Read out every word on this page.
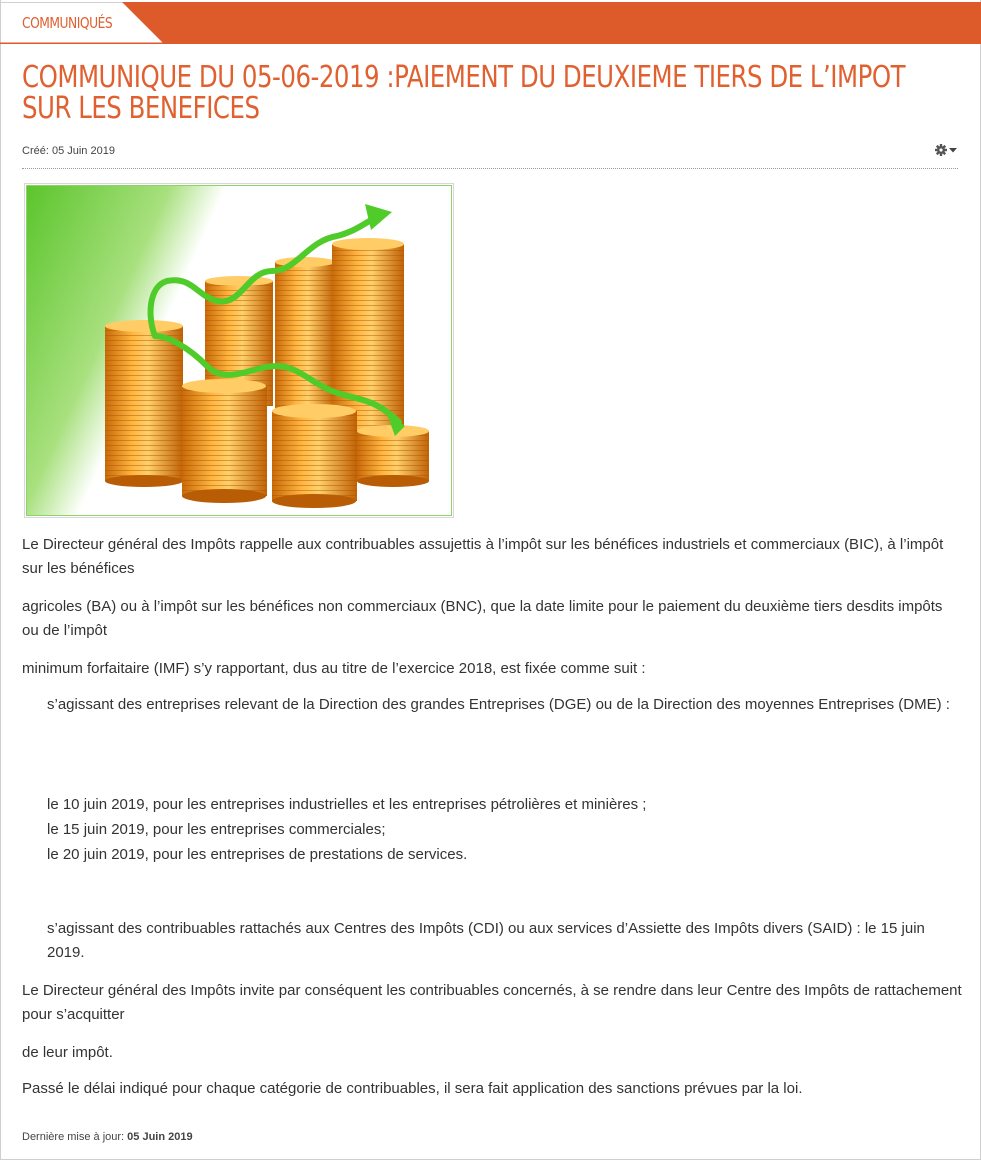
COMMUNIQUÉS
COMMUNIQUE DU 05-06-2019 :PAIEMENT DU DEUXIEME TIERS DE L’IMPOT SUR LES BENEFICES
Créé: 05 Juin 2019

Le Directeur général des Impôts rappelle aux contribuables assujettis à l’impôt sur les bénéfices industriels et commerciaux (BIC), à l’impôt sur les bénéfices

agricoles (BA) ou à l’impôt sur les bénéfices non commerciaux (BNC), que la date limite pour le paiement du deuxième tiers desdits impôts ou de l’impôt

minimum forfaitaire (IMF) s’y rapportant, dus au titre de l’exercice 2018, est fixée comme suit :

s’agissant des entreprises relevant de la Direction des grandes Entreprises (DGE) ou de la Direction des moyennes Entreprises (DME) :

le 10 juin 2019, pour les entreprises industrielles et les entreprises pétrolières et minières ;

le 15 juin 2019, pour les entreprises commerciales;

le 20 juin 2019, pour les entreprises de prestations de services.

s’agissant des contribuables rattachés aux Centres des Impôts (CDI) ou aux services d’Assiette des Impôts divers (SAID) : le 15 juin 2019.

Le Directeur général des Impôts invite par conséquent les contribuables concernés, à se rendre dans leur Centre des Impôts de rattachement pour s’acquitter

de leur impôt.

Passé le délai indiqué pour chaque catégorie de contribuables, il sera fait application des sanctions prévues par la loi.

Dernière mise à jour: 05 Juin 2019
